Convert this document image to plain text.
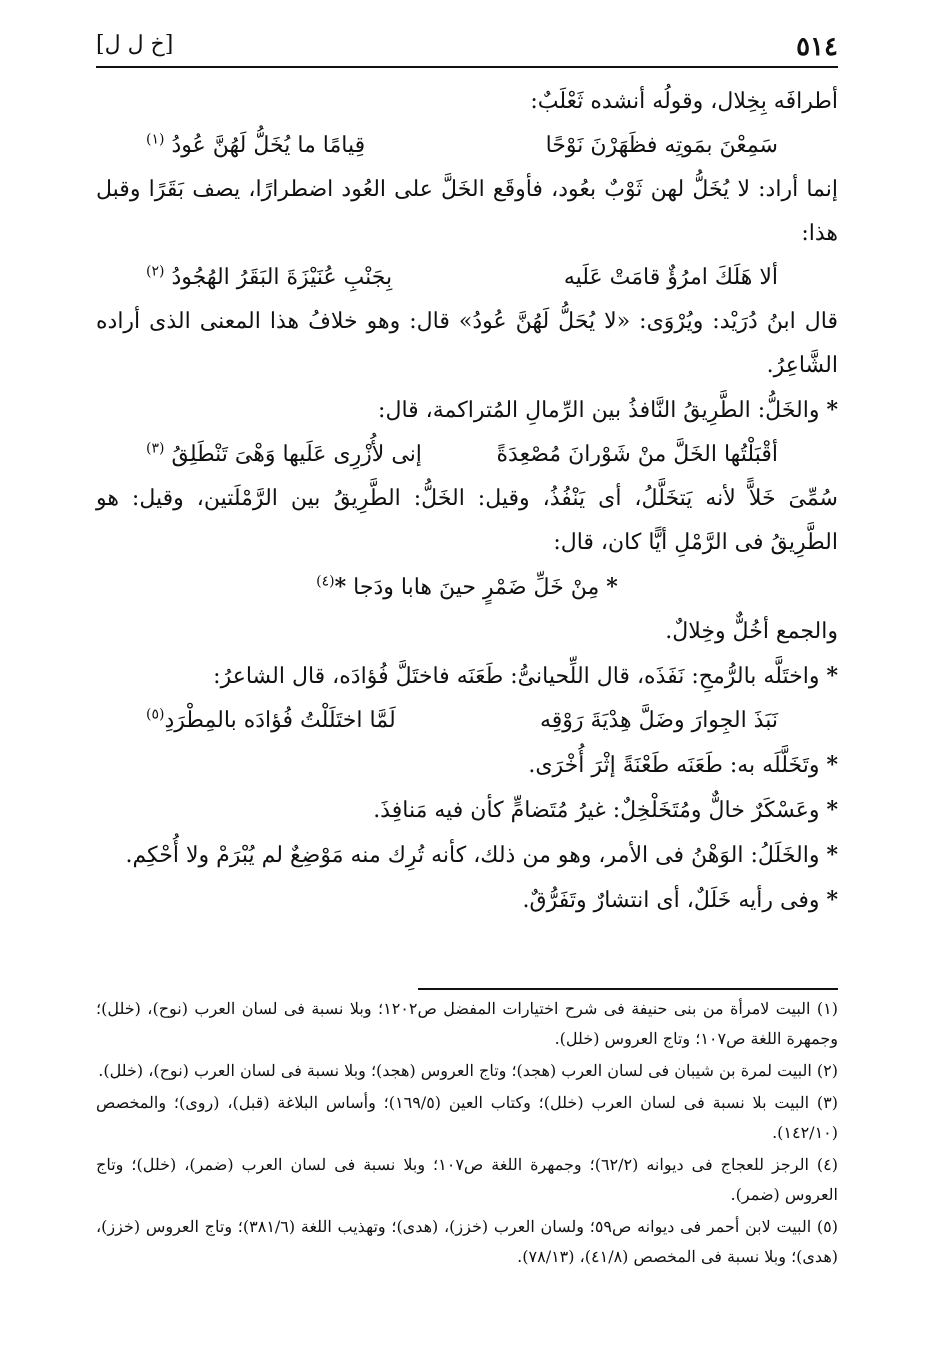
[خ ل ل]	٥١٤

أطرافَه بِخِلال، وقولُه أنشده ثَعْلَبٌ:

سَمِعْنَ بمَوتِه فظَهَرْنَ نَوْحًا
قِيامًا ما يُخَلُّ لَهُنَّ عُودُ $^{(١)}$

إنما أراد: لا يُخَلُّ لهن ثَوْبٌ بعُود، فأوقَع الخَلَّ على العُود اضطرارًا، يصف بَقَرًا وقبل هذا:

ألا هَلَكَ امرُؤٌ قامَتْ عَلَيه
بِجَنْبِ عُنَيْزَةَ البَقَرُ الهُجُودُ $^{(٢)}$

قال ابنُ دُرَيْد: ويُرْوَى: «لا يُحَلُّ لَهُنَّ عُودُ» قال: وهو خلافُ هذا المعنى الذى أراده الشَّاعِرُ.

* والخَلُّ: الطَّرِيقُ النَّافذُ بين الرِّمالِ المُتراكمة، قال:

أقْبَلْتُها الخَلَّ منْ شَوْرانَ مُصْعِدَةً
إنى لأُزْرِى عَلَيها وَهْىَ تَنْطَلِقُ $^{(٣)}$

سُمِّىَ خَلاًّ لأنه يَتخَلَّلُ، أى يَنْفُذُ، وقيل: الخَلُّ: الطَّرِيقُ بين الرَّمْلَتين، وقيل: هو الطَّرِيقُ فى الرَّمْلِ أيًّا كان، قال:

* مِنْ خَلِّ ضَمْرٍ حينَ هابا ودَجا *$^{(٤)}$

والجمع أخُلٌّ وخِلالٌ.

* واختَلَّه بالرُّمحِ: نَفَذَه، قال اللِّحيانىُّ: طَعَنَه فاختَلَّ فُؤادَه، قال الشاعرُ:

نَبَذَ الجِوارَ وضَلَّ هِدْيَةَ رَوْقِه
لَمَّا اختَلَلْتُ فُؤادَه بالمِطْرَدِ$^{(٥)}$

* وتَخَلَّلَه به: طَعَنَه طَعْنَةً إثْرَ أُخْرَى.

* وعَسْكَرٌ خالٌّ ومُتَخَلْخِلٌ: غيرُ مُتَضامٍّ كأن فيه مَنافِذَ.

* والخَلَلُ: الوَهْنُ فى الأمر، وهو من ذلك، كأنه تُرِك منه مَوْضِعٌ لم يُبْرَمْ ولا أُحْكِم.

* وفى رأيه خَلَلٌ، أى انتشارٌ وتَفَرُّقٌ.

(١) البيت لامرأة من بنى حنيفة فى شرح اختيارات المفضل ص١٢٠٢؛ وبلا نسبة فى لسان العرب (نوح)، (خلل)؛ وجمهرة اللغة ص١٠٧؛ وتاج العروس (خلل).

(٢) البيت لمرة بن شيبان فى لسان العرب (هجد)؛ وتاج العروس (هجد)؛ وبلا نسبة فى لسان العرب (نوح)، (خلل).

(٣) البيت بلا نسبة فى لسان العرب (خلل)؛ وكتاب العين (١٦٩/٥)؛ وأساس البلاغة (قبل)، (روى)؛ والمخصص (١٤٢/١٠).

(٤) الرجز للعجاج فى ديوانه (٦٢/٢)؛ وجمهرة اللغة ص١٠٧؛ وبلا نسبة فى لسان العرب (ضمر)، (خلل)؛ وتاج العروس (ضمر).

(٥) البيت لابن أحمر فى ديوانه ص٥٩؛ ولسان العرب (خزز)، (هدى)؛ وتهذيب اللغة (٣٨١/٦)؛ وتاج العروس (خزز)، (هدى)؛ وبلا نسبة فى المخصص (٤١/٨)، (٧٨/١٣).
